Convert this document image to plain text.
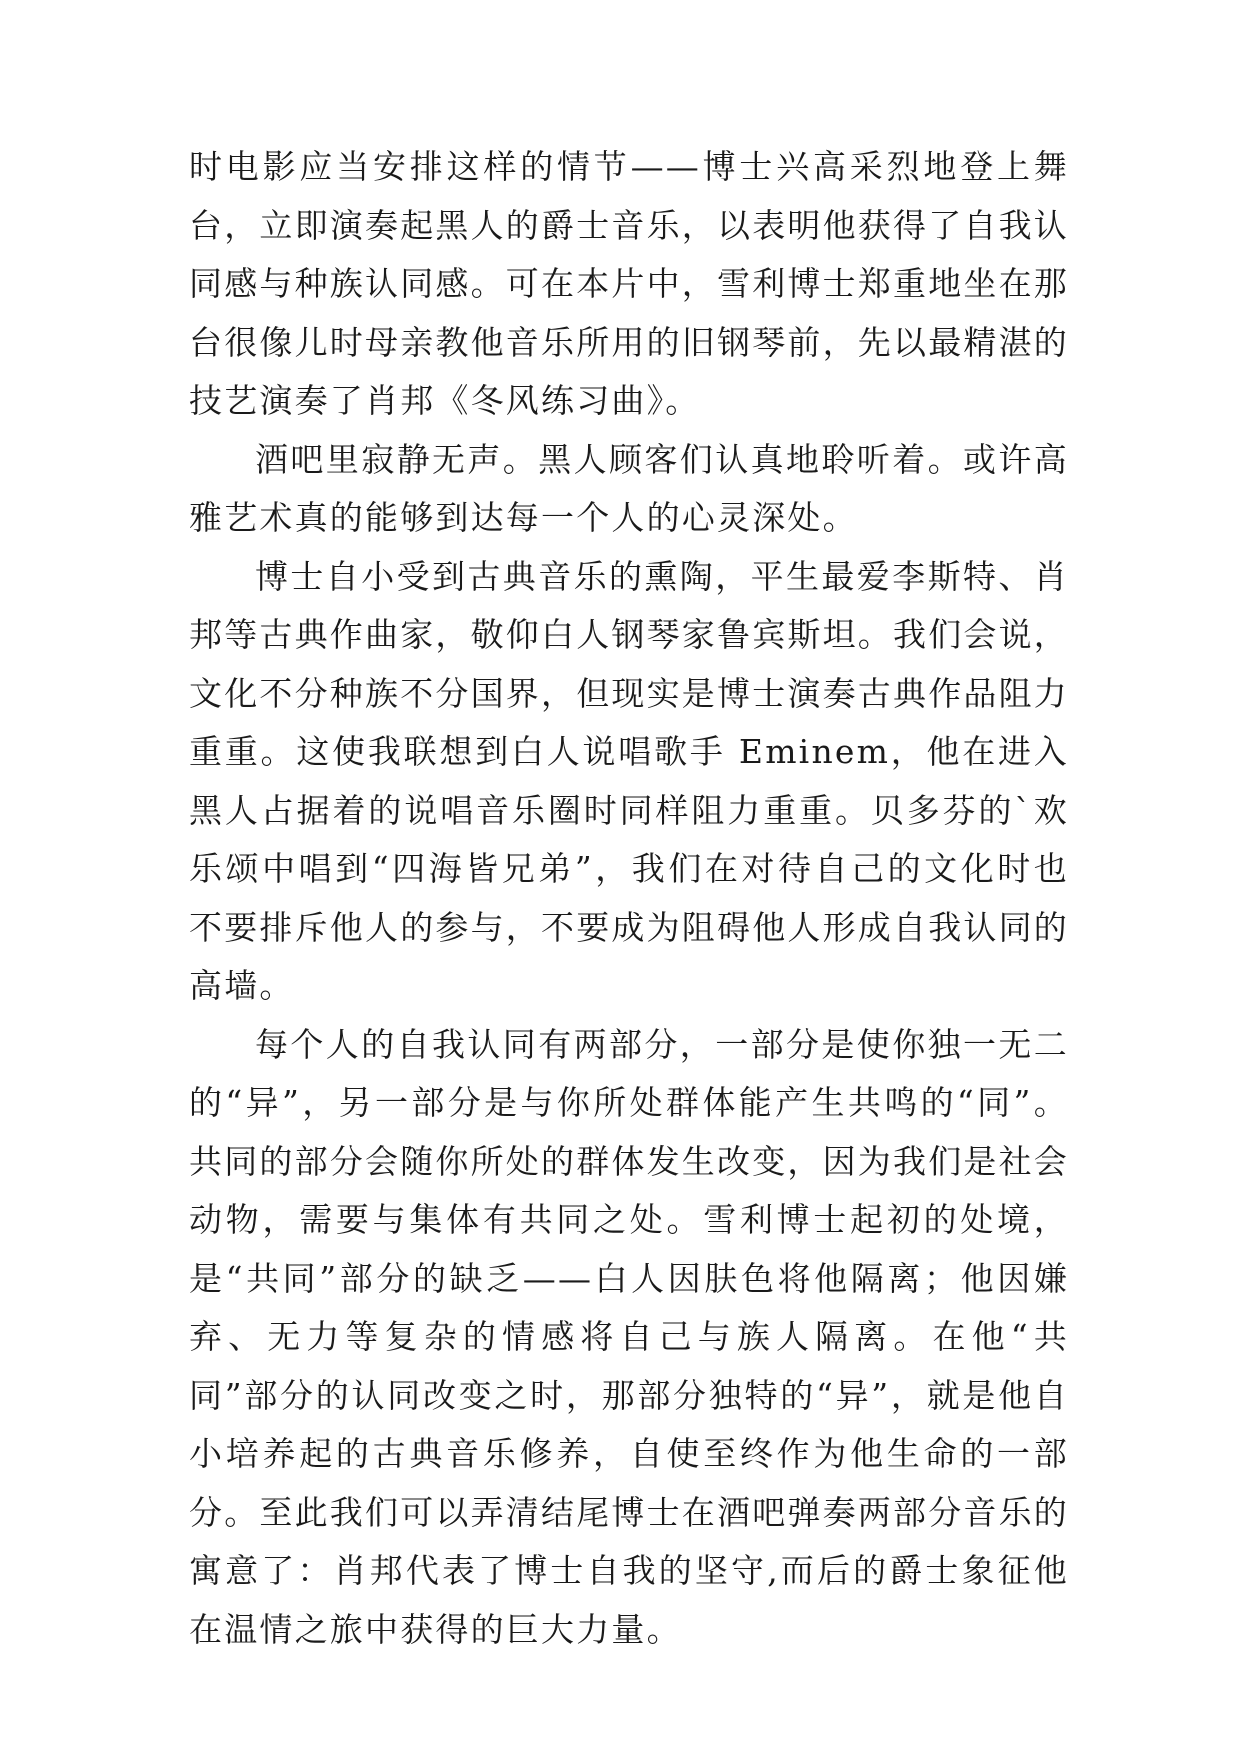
时电影应当安排这样的情节——博士兴高采烈地登上舞台，立即演奏起黑人的爵士音乐，以表明他获得了自我认同感与种族认同感。可在本片中，雪利博士郑重地坐在那台很像儿时母亲教他音乐所用的旧钢琴前，先以最精湛的技艺演奏了肖邦《冬风练习曲》。

酒吧里寂静无声。黑人顾客们认真地聆听着。或许高雅艺术真的能够到达每一个人的心灵深处。

博士自小受到古典音乐的熏陶，平生最爱李斯特、肖邦等古典作曲家，敬仰白人钢琴家鲁宾斯坦。我们会说，文化不分种族不分国界，但现实是博士演奏古典作品阻力重重。这使我联想到白人说唱歌手 Eminem，他在进入黑人占据着的说唱音乐圈时同样阻力重重。贝多芬的`欢乐颂中唱到“四海皆兄弟”，我们在对待自己的文化时也不要排斥他人的参与，不要成为阻碍他人形成自我认同的高墙。

每个人的自我认同有两部分，一部分是使你独一无二的“异”，另一部分是与你所处群体能产生共鸣的“同”。共同的部分会随你所处的群体发生改变，因为我们是社会动物，需要与集体有共同之处。雪利博士起初的处境，是“共同”部分的缺乏——白人因肤色将他隔离；他因嫌弃、无力等复杂的情感将自己与族人隔离。在他“共同”部分的认同改变之时，那部分独特的“异”，就是他自小培养起的古典音乐修养，自使至终作为他生命的一部分。至此我们可以弄清结尾博士在酒吧弹奏两部分音乐的寓意了：肖邦代表了博士自我的坚守,而后的爵士象征他在温情之旅中获得的巨大力量。
